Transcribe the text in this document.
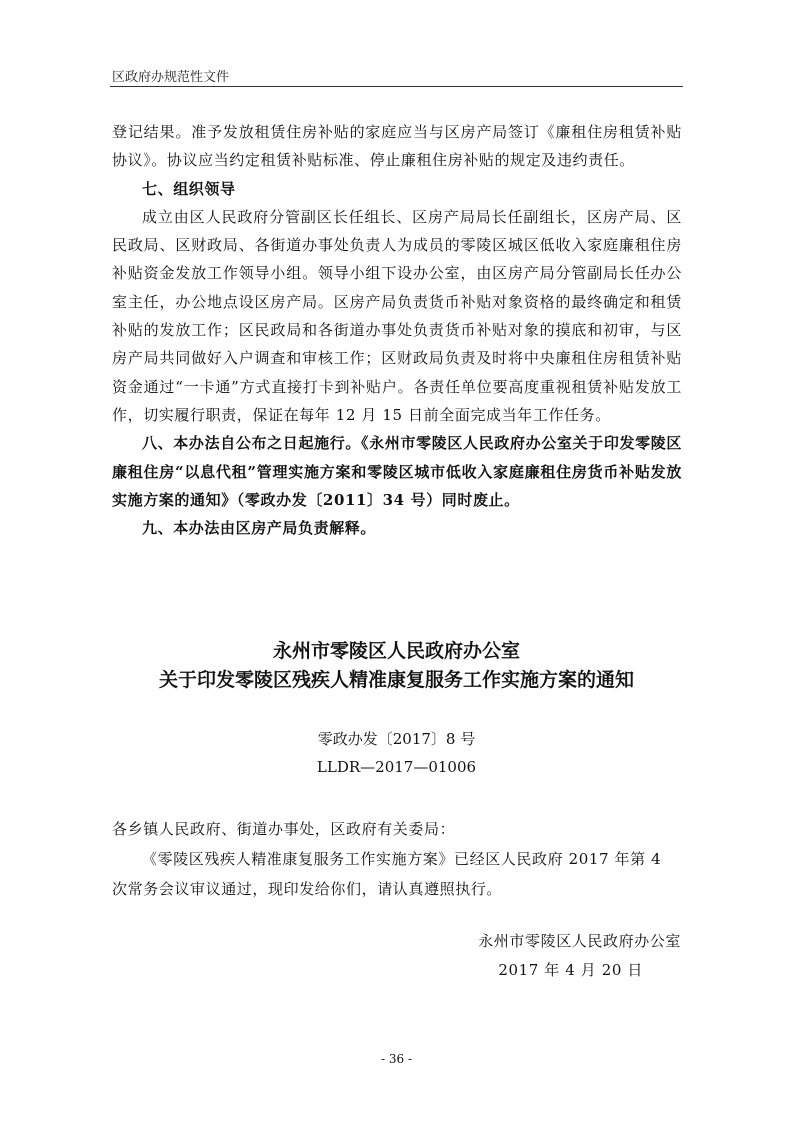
区政府办规范性文件

登记结果。准予发放租赁住房补贴的家庭应当与区房产局签订《廉租住房租赁补贴协议》。协议应当约定租赁补贴标准、停止廉租住房补贴的规定及违约责任。

七、组织领导

成立由区人民政府分管副区长任组长、区房产局局长任副组长，区房产局、区民政局、区财政局、各街道办事处负责人为成员的零陵区城区低收入家庭廉租住房补贴资金发放工作领导小组。领导小组下设办公室，由区房产局分管副局长任办公室主任，办公地点设区房产局。区房产局负责货币补贴对象资格的最终确定和租赁补贴的发放工作；区民政局和各街道办事处负责货币补贴对象的摸底和初审，与区房产局共同做好入户调查和审核工作；区财政局负责及时将中央廉租住房租赁补贴资金通过“一卡通”方式直接打卡到补贴户。各责任单位要高度重视租赁补贴发放工作，切实履行职责，保证在每年 12 月 15 日前全面完成当年工作任务。

八、本办法自公布之日起施行。《永州市零陵区人民政府办公室关于印发零陵区廉租住房“以息代租”管理实施方案和零陵区城市低收入家庭廉租住房货币补贴发放实施方案的通知》（零政办发〔2011〕34 号）同时废止。

九、本办法由区房产局负责解释。

永州市零陵区人民政府办公室
关于印发零陵区残疾人精准康复服务工作实施方案的通知
零政办发〔2017〕8 号
LLDR—2017—01006

各乡镇人民政府、街道办事处，区政府有关委局：

《零陵区残疾人精准康复服务工作实施方案》已经区人民政府 2017 年第 4 次常务会议审议通过，现印发给你们，请认真遵照执行。

永州市零陵区人民政府办公室
2017 年 4 月 20 日
- 36 -
